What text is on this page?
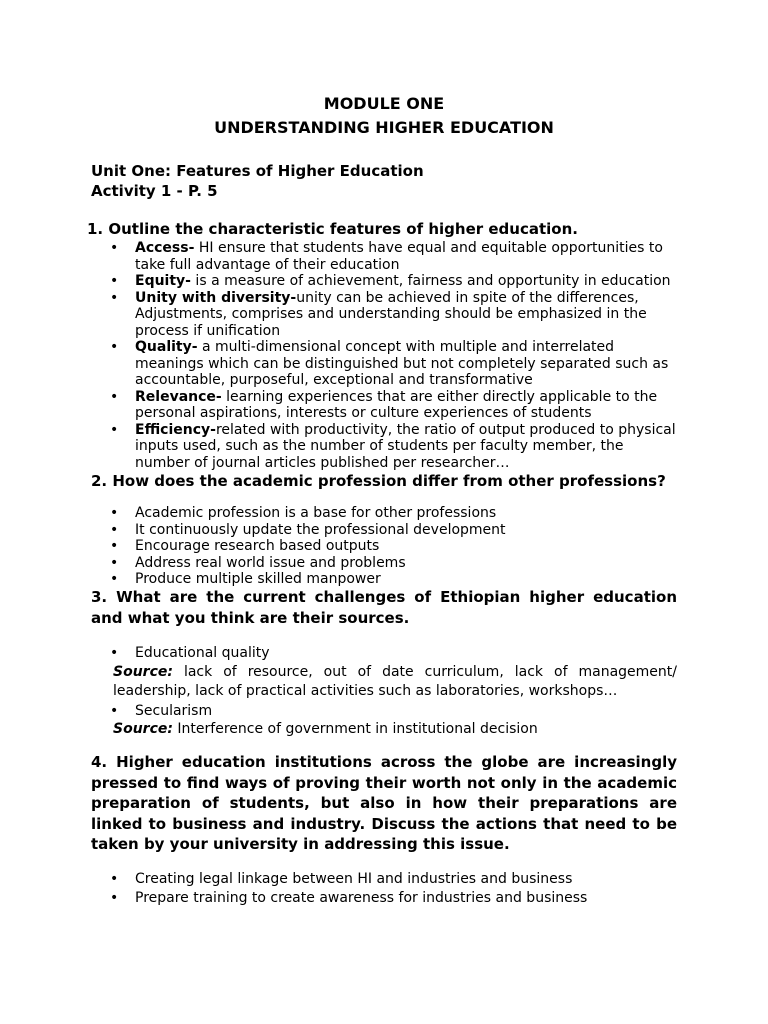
MODULE ONE
UNDERSTANDING HIGHER EDUCATION
Unit One: Features of Higher Education
Activity 1 - P. 5
1. Outline the characteristic features of higher education.
• Access- HI ensure that students have equal and equitable opportunities to take full advantage of their education
• Equity- is a measure of achievement, fairness and opportunity in education
• Unity with diversity-unity can be achieved in spite of the differences, Adjustments, comprises and understanding should be emphasized in the process if unification
• Quality- a multi-dimensional concept with multiple and interrelated meanings which can be distinguished but not completely separated such as accountable, purposeful, exceptional and transformative
• Relevance- learning experiences that are either directly applicable to the personal aspirations, interests or culture experiences of students
• Efficiency-related with productivity, the ratio of output produced to physical inputs used, such as the number of students per faculty member, the number of journal articles published per researcher…
2. How does the academic profession differ from other professions?
• Academic profession is a base for other professions
• It continuously update the professional development
• Encourage research based outputs
• Address real world issue and problems
• Produce multiple skilled manpower
3. What are the current challenges of Ethiopian higher education
and what you think are their sources.
• Educational quality
Source: lack of resource, out of date curriculum, lack of management/ leadership, lack of practical activities such as laboratories, workshops…
• Secularism
Source: Interference of government in institutional decision
4. Higher education institutions across the globe are increasingly pressed to find ways of proving their worth not only in the academic preparation of students, but also in how their preparations are linked to business and industry. Discuss the actions that need to be taken by your university in addressing this issue.
• Creating legal linkage between HI and industries and business
• Prepare training to create awareness for industries and business
